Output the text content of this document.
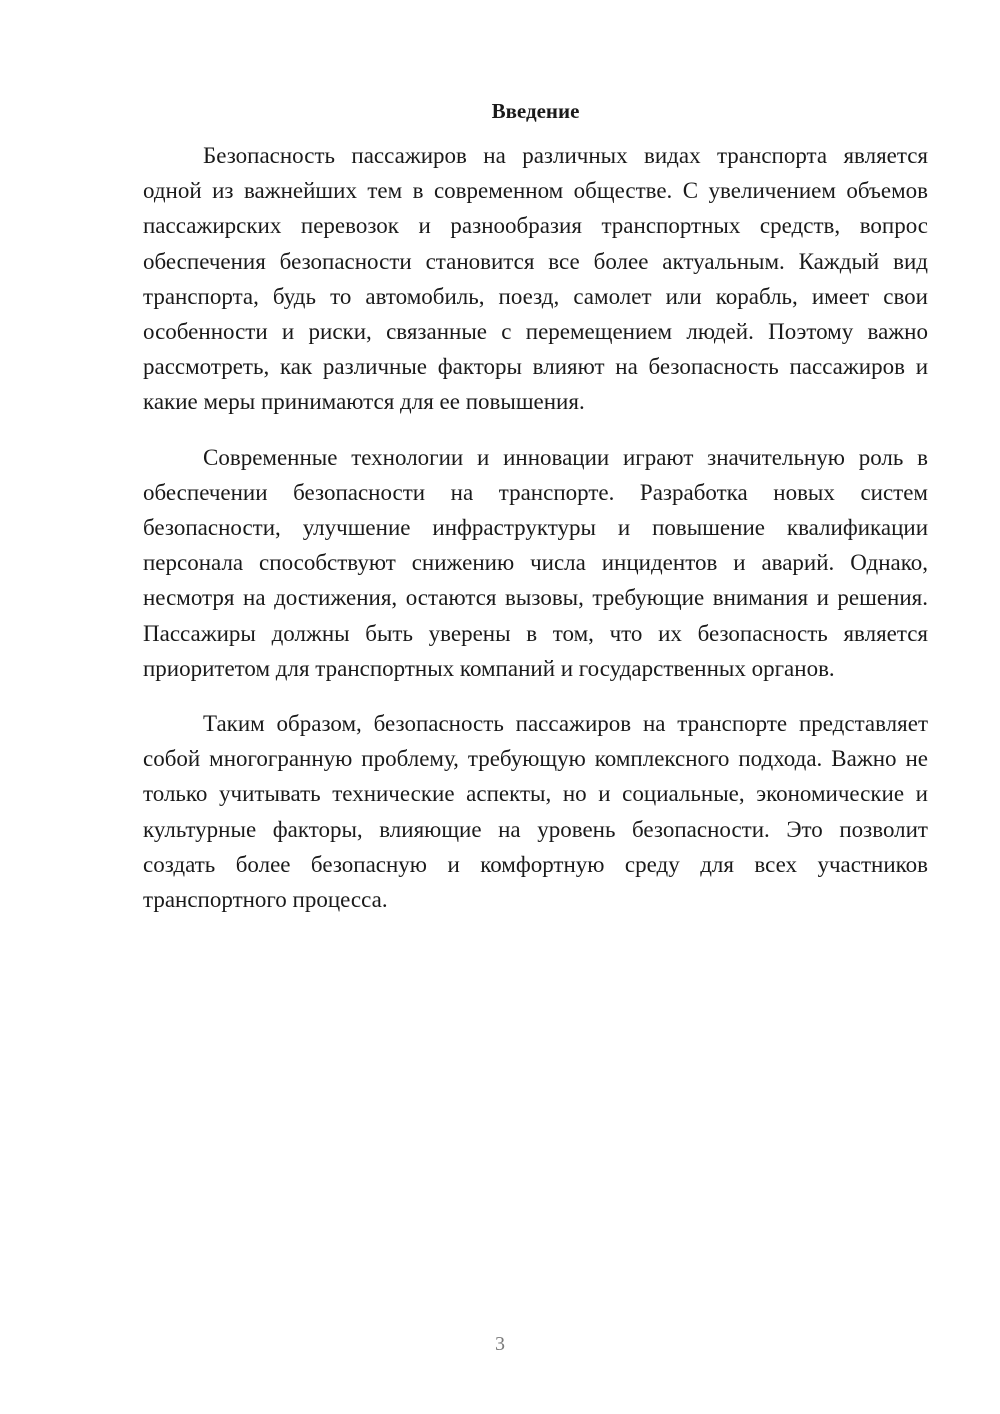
Введение

Безопасность пассажиров на различных видах транспорта является одной из важнейших тем в современном обществе. С увеличением объемов пассажирских перевозок и разнообразия транспортных средств, вопрос обеспечения безопасности становится все более актуальным. Каждый вид транспорта, будь то автомобиль, поезд, самолет или корабль, имеет свои особенности и риски, связанные с перемещением людей. Поэтому важно рассмотреть, как различные факторы влияют на безопасность пассажиров и какие меры принимаются для ее повышения.

Современные технологии и инновации играют значительную роль в обеспечении безопасности на транспорте. Разработка новых систем безопасности, улучшение инфраструктуры и повышение квалификации персонала способствуют снижению числа инцидентов и аварий. Однако, несмотря на достижения, остаются вызовы, требующие внимания и решения. Пассажиры должны быть уверены в том, что их безопасность является приоритетом для транспортных компаний и государственных органов.

Таким образом, безопасность пассажиров на транспорте представляет собой многогранную проблему, требующую комплексного подхода. Важно не только учитывать технические аспекты, но и социальные, экономические и культурные факторы, влияющие на уровень безопасности. Это позволит создать более безопасную и комфортную среду для всех участников транспортного процесса.

3
